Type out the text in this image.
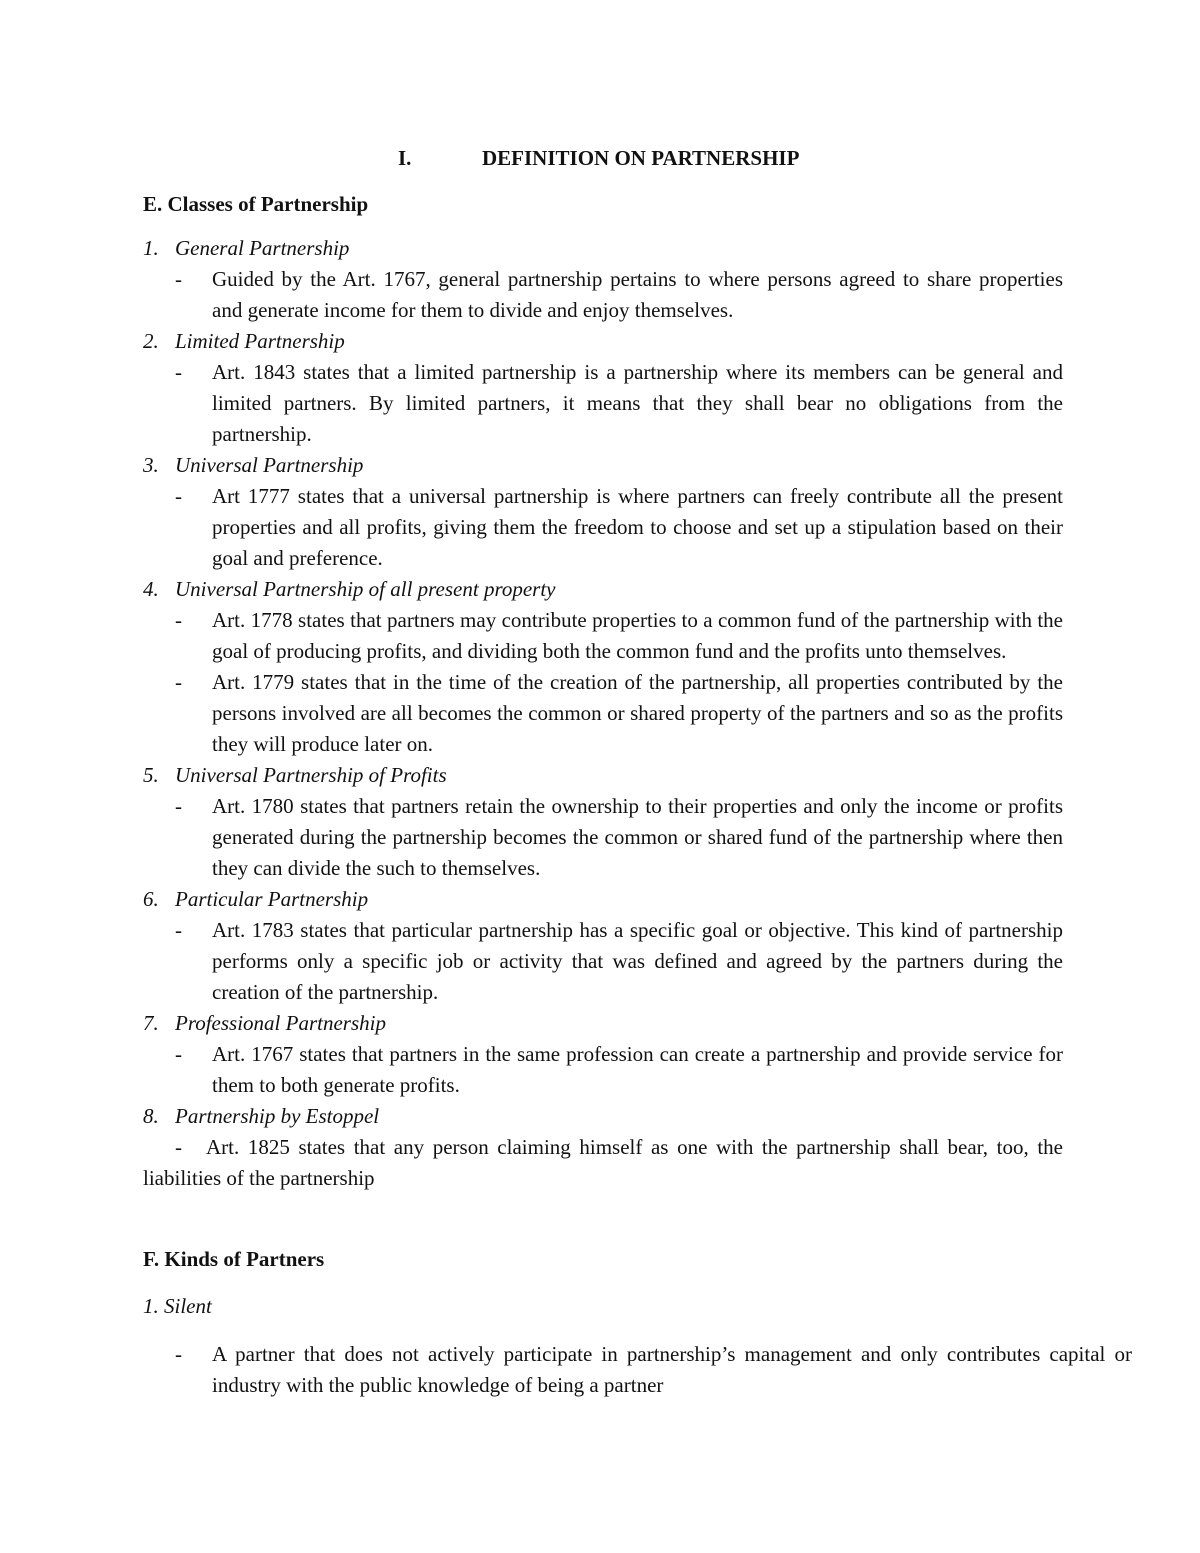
I.	DEFINITION ON PARTNERSHIP

E. Classes of Partnership

1. General Partnership
- Guided by the Art. 1767, general partnership pertains to where persons agreed to share properties and generate income for them to divide and enjoy themselves.
2. Limited Partnership
- Art. 1843 states that a limited partnership is a partnership where its members can be general and limited partners. By limited partners, it means that they shall bear no obligations from the partnership.
3. Universal Partnership
- Art 1777 states that a universal partnership is where partners can freely contribute all the present properties and all profits, giving them the freedom to choose and set up a stipulation based on their goal and preference.
4. Universal Partnership of all present property
- Art. 1778 states that partners may contribute properties to a common fund of the partnership with the goal of producing profits, and dividing both the common fund and the profits unto themselves.
- Art. 1779 states that in the time of the creation of the partnership, all properties contributed by the persons involved are all becomes the common or shared property of the partners and so as the profits they will produce later on.
5. Universal Partnership of Profits
- Art. 1780 states that partners retain the ownership to their properties and only the income or profits generated during the partnership becomes the common or shared fund of the partnership where then they can divide the such to themselves.
6. Particular Partnership
- Art. 1783 states that particular partnership has a specific goal or objective. This kind of partnership performs only a specific job or activity that was defined and agreed by the partners during the creation of the partnership.
7. Professional Partnership
- Art. 1767 states that partners in the same profession can create a partnership and provide service for them to both generate profits.
8. Partnership by Estoppel
- Art. 1825 states that any person claiming himself as one with the partnership shall bear, too, the liabilities of the partnership

F. Kinds of Partners

1. Silent
- A partner that does not actively participate in partnership’s management and only contributes capital or industry with the public knowledge of being a partner
